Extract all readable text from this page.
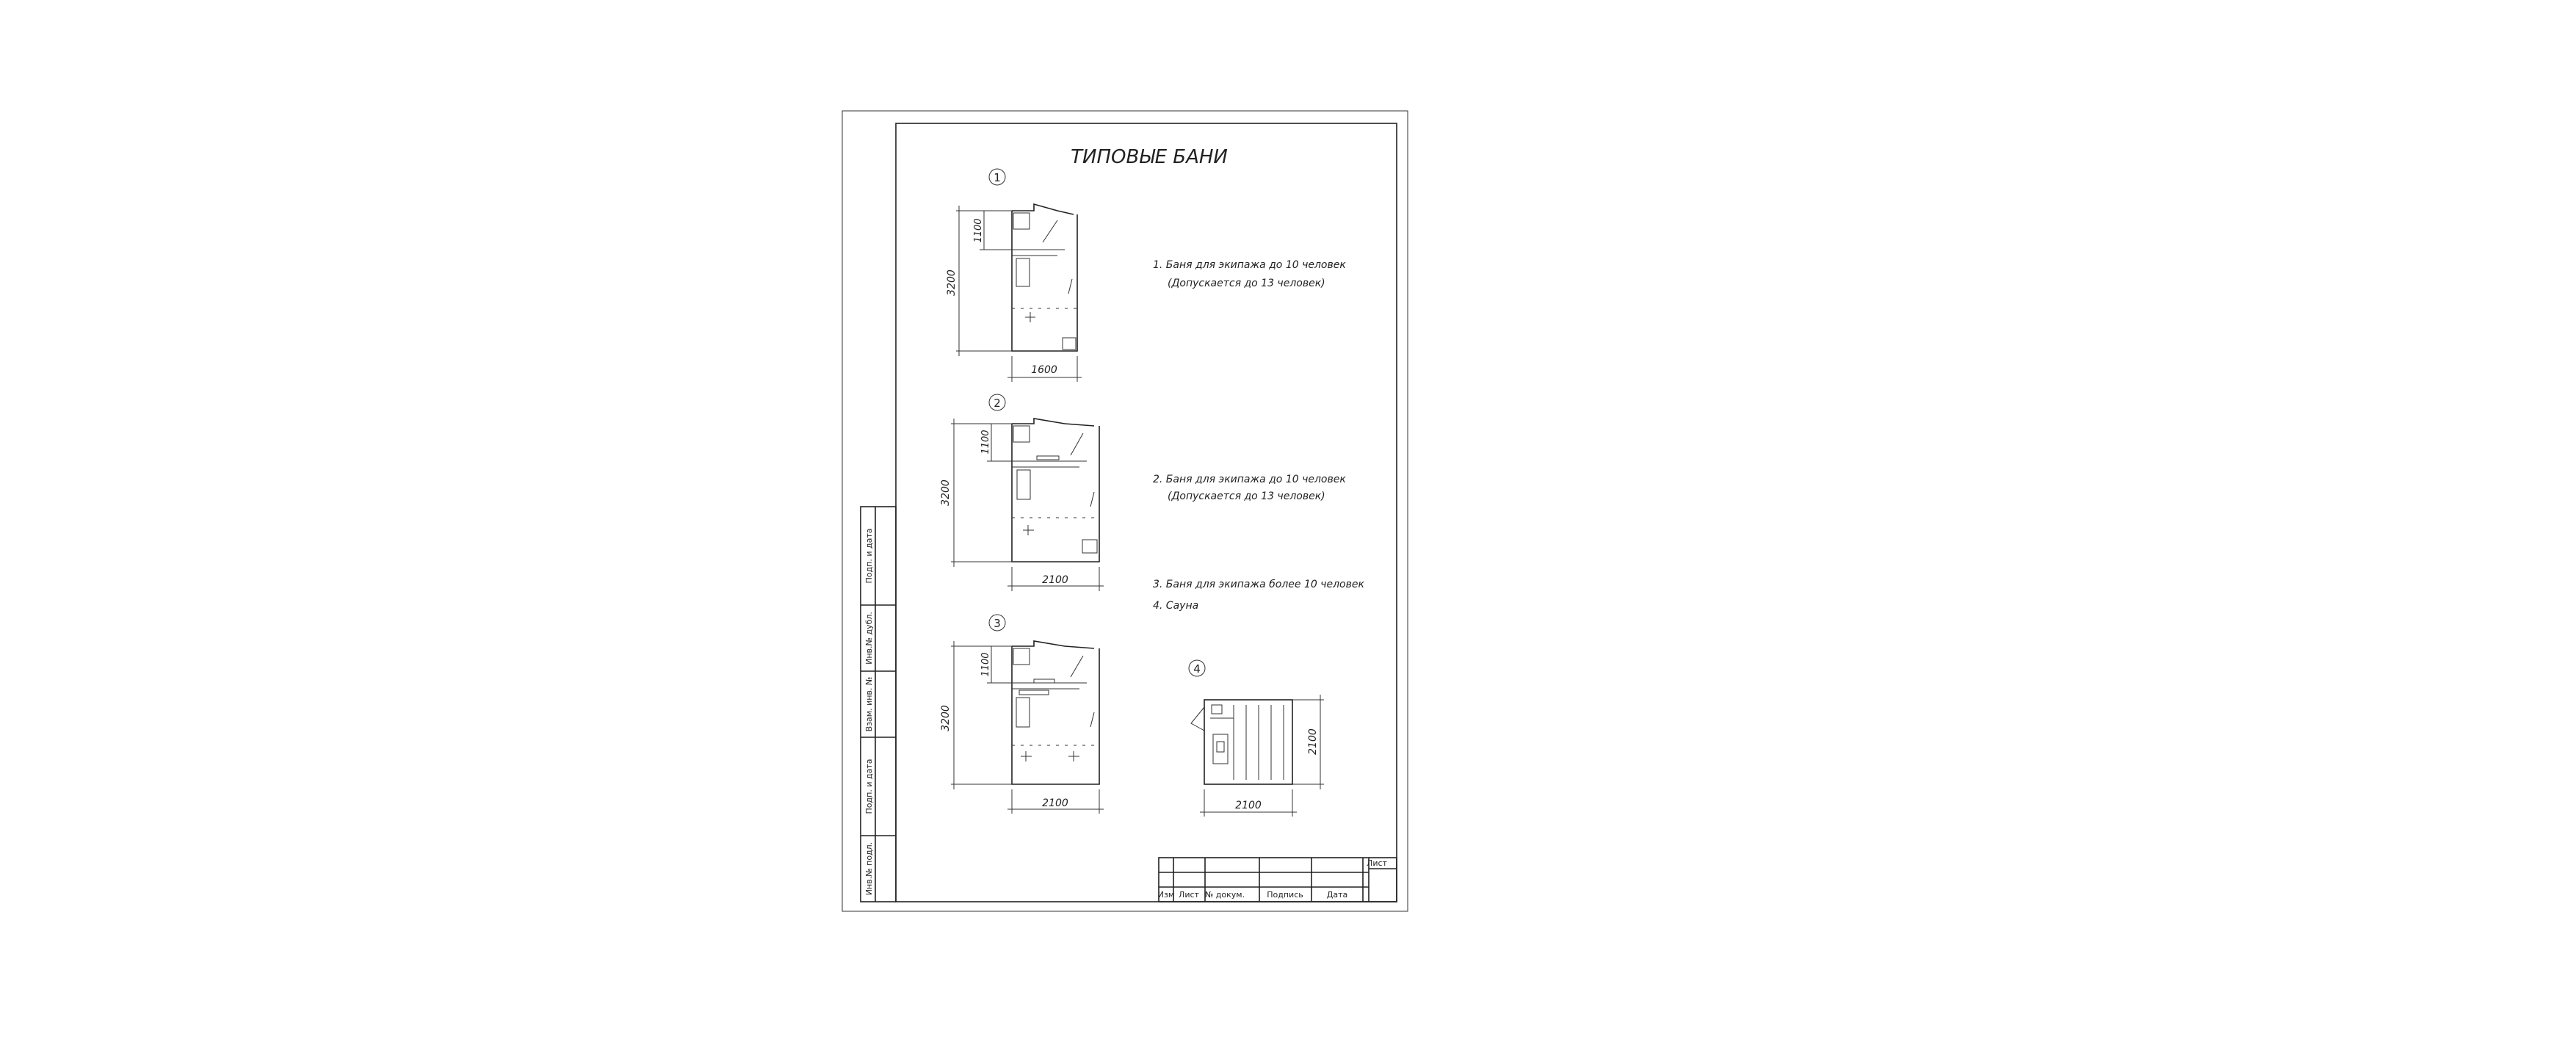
ТИПОВЫЕ БАНИ
1
3200
1100
1600
2
3200
1100
2100
3
3200
1100
2100
4
2100
2100
1. Баня для экипажа до 10 человек
(Допускается до 13 человек)
2. Баня для экипажа до 10 человек
(Допускается до 13 человек)
3. Баня для экипажа более 10 человек
4. Сауна
Инв.№ подл.
Подп. и дата
Взам. инв. №
Инв.№ дубл.
Подп. и дата
Лист
Изм Лист № докум.	Подпись	Дата
